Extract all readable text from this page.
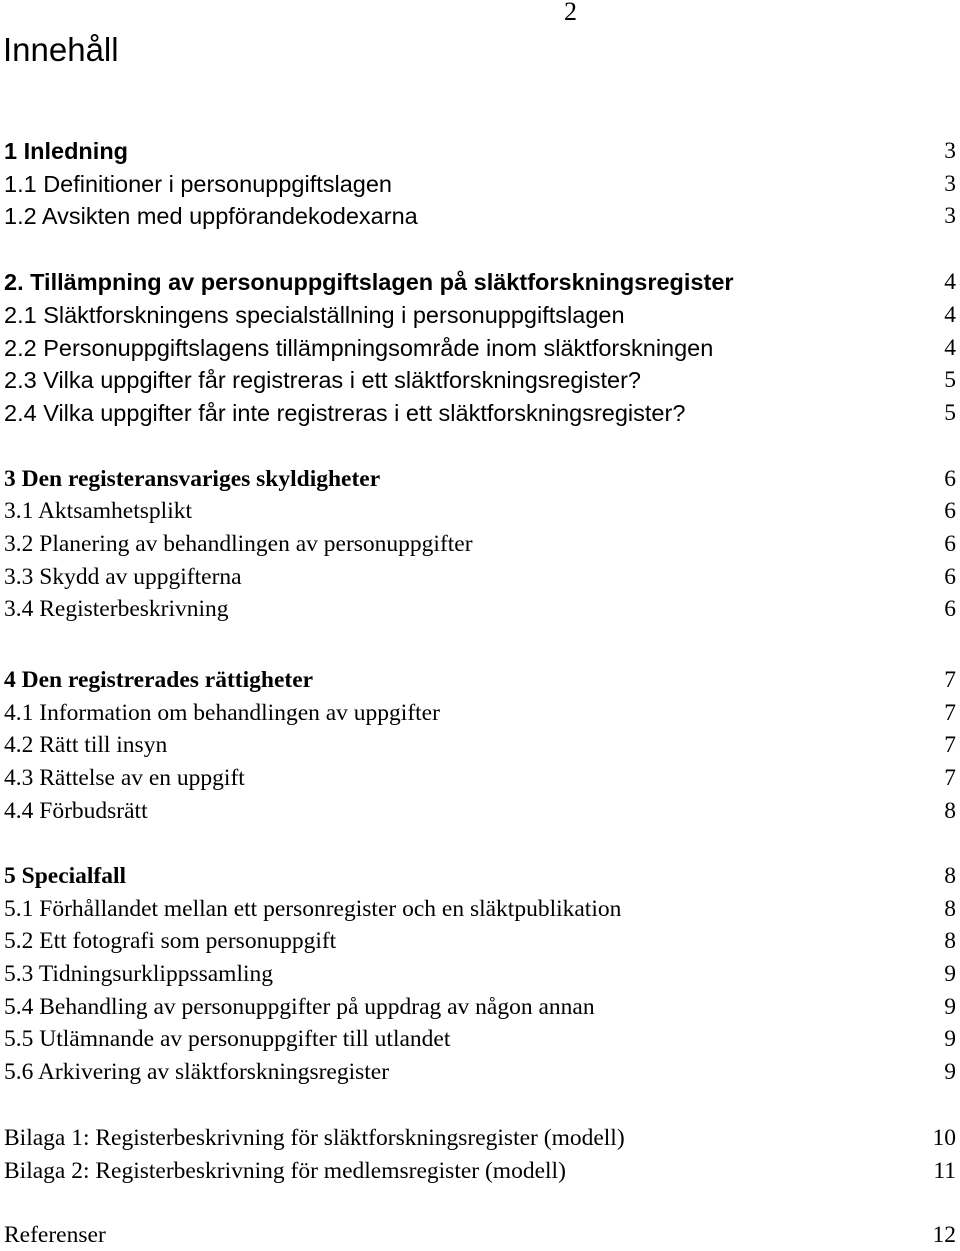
2
Innehåll
1 Inledning	3
1.1 Definitioner i personuppgiftslagen	3
1.2 Avsikten med uppförandekodexarna	3
2. Tillämpning av personuppgiftslagen på släktforskningsregister	4
2.1 Släktforskningens specialställning i personuppgiftslagen	4
2.2 Personuppgiftslagens tillämpningsområde inom släktforskningen	4
2.3 Vilka uppgifter får registreras i ett släktforskningsregister?	5
2.4 Vilka uppgifter får inte registreras i ett släktforskningsregister?	5
3 Den registeransvariges skyldigheter	6
3.1 Aktsamhetsplikt	6
3.2 Planering av behandlingen av personuppgifter	6
3.3 Skydd av uppgifterna	6
3.4 Registerbeskrivning	6
4 Den registrerades rättigheter	7
4.1 Information om behandlingen av uppgifter	7
4.2 Rätt till insyn	7
4.3 Rättelse av en uppgift	7
4.4 Förbudsrätt	8
5 Specialfall	8
5.1 Förhållandet mellan ett personregister och en släktpublikation	8
5.2 Ett fotografi som personuppgift	8
5.3 Tidningsurklippssamling	9
5.4 Behandling av personuppgifter på uppdrag av någon annan	9
5.5 Utlämnande av personuppgifter till utlandet	9
5.6 Arkivering av släktforskningsregister	9
Bilaga 1: Registerbeskrivning för släktforskningsregister (modell)	10
Bilaga 2: Registerbeskrivning för medlemsregister (modell)	11
Referenser	12
